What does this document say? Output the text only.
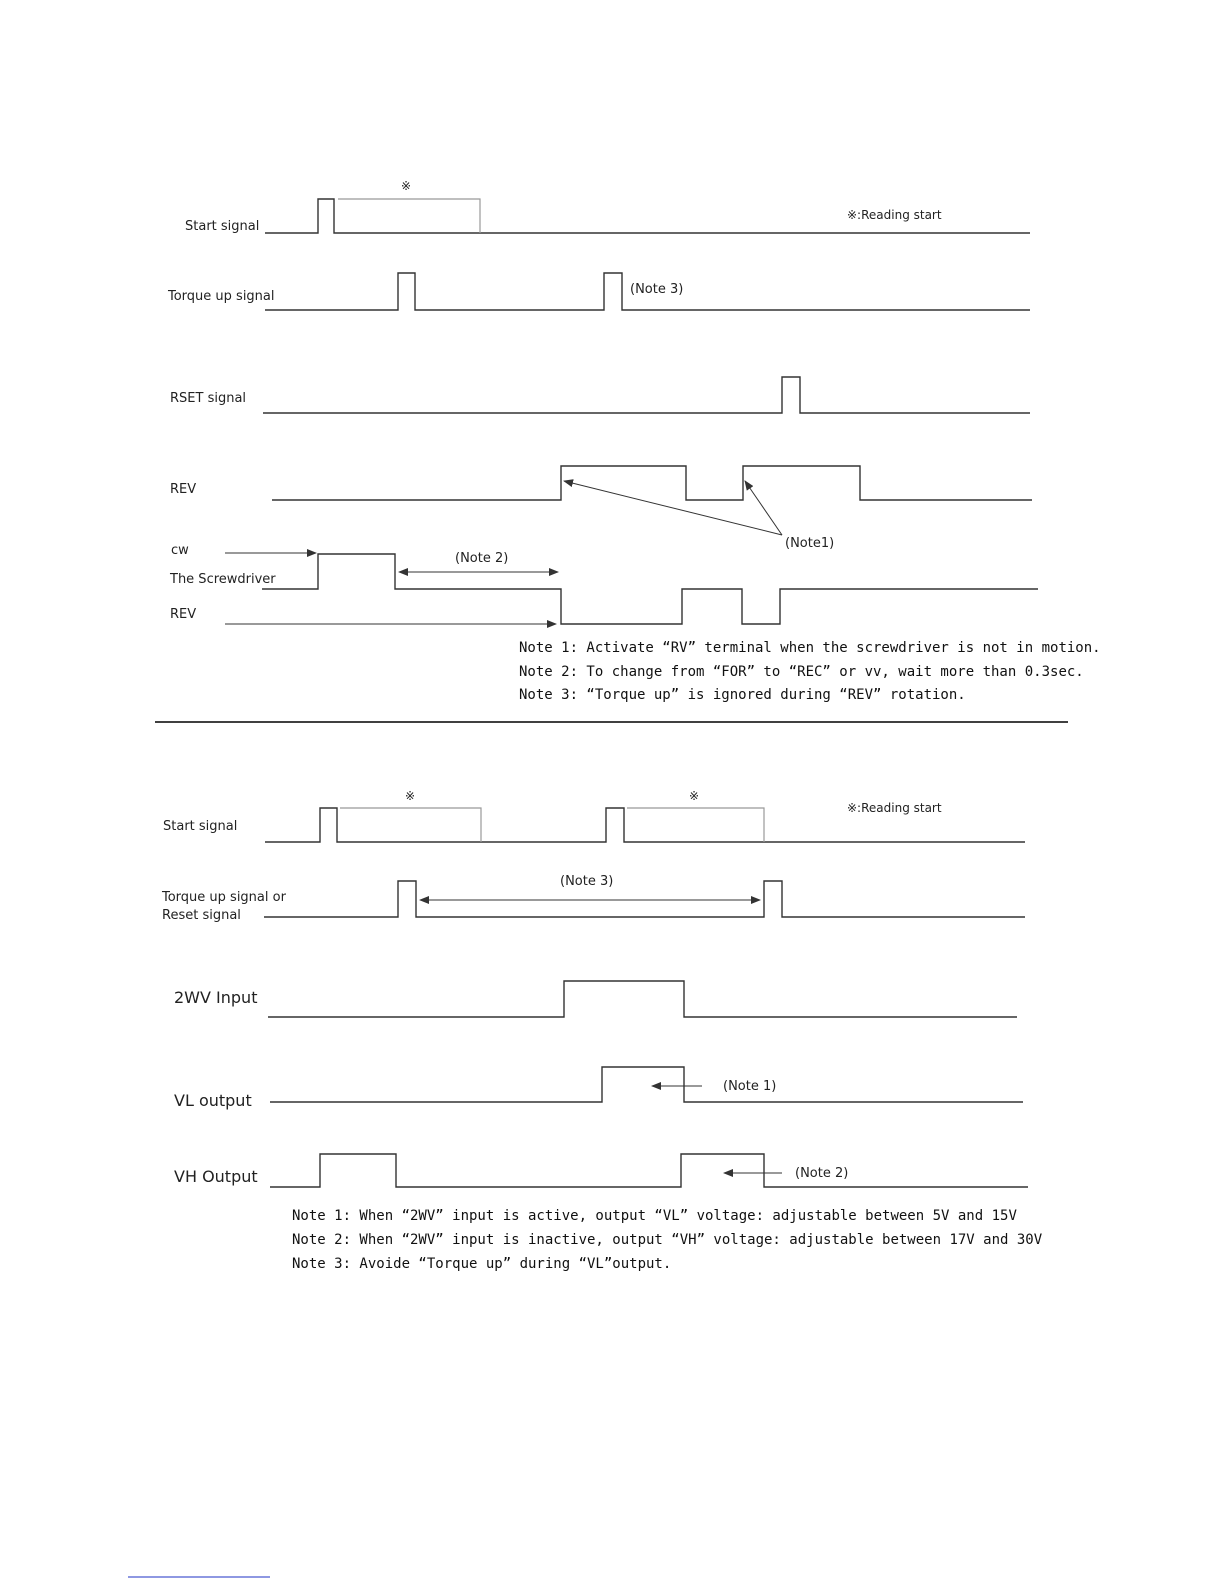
Start signal
※
※:Reading start
Torque up signal	(Note 3)
RSET signal
REV
(Note1)
cw
The Screwdriver
REV
(Note 2)
Note 1: Activate “RV” terminal when the screwdriver is not in motion.
Note 2: To change from “FOR” to “REC” or vv, wait more than 0.3sec.
Note 3: “Torque up” is ignored during “REV” rotation.
Start signal
※	※
※:Reading start
Torque up signal or
Reset signal
(Note 3)
2WV Input
VL output
(Note 1)
VH Output	(Note 2)
Note 1: When “2WV” input is active, output “VL” voltage: adjustable between 5V and 15V
Note 2: When “2WV” input is inactive, output “VH” voltage: adjustable between 17V and 30V
Note 3: Avoide “Torque up” during “VL”output.
